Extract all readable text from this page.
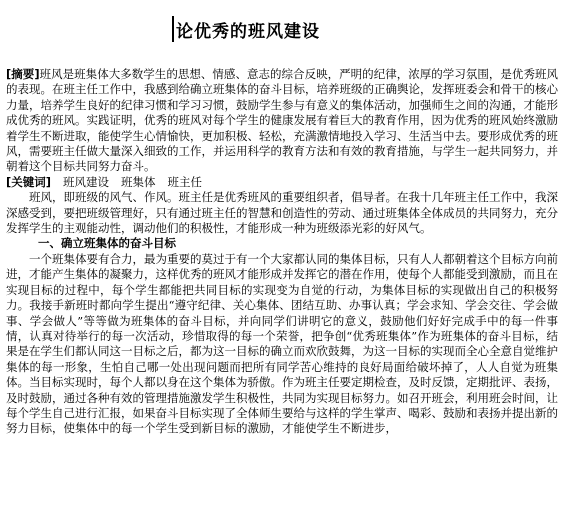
论优秀的班风建设

[摘要]班风是班集体大多数学生的思想、情感、意志的综合反映，严明的纪律，浓厚的学习氛围，是优秀班风的表现。在班主任工作中，我感到给确立班集体的奋斗目标，培养班级的正确舆论，发挥班委会和骨干的核心力量，培养学生良好的纪律习惯和学习习惯，鼓励学生参与有意义的集体活动，加强师生之间的沟通，才能形成优秀的班风。实践证明，优秀的班风对每个学生的健康发展有着巨大的教育作用，因为优秀的班风始终激励着学生不断进取，能使学生心情愉快，更加积极、轻松，充满激情地投入学习、生活当中去。要形成优秀的班风，需要班主任做大量深入细致的工作，并运用科学的教育方法和有效的教育措施，与学生一起共同努力，并朝着这个目标共同努力奋斗。

[关键词] 班风建设 班集体 班主任

班风，即班级的风气、作风。班主任是优秀班风的重要组织者，倡导者。在我十几年班主任工作中，我深深感受到，要把班级管理好，只有通过班主任的智慧和创造性的劳动、通过班集体全体成员的共同努力，充分发挥学生的主观能动性，调动他们的积极性，才能形成一种为班级添光彩的好风气。

一、确立班集体的奋斗目标

一个班集体要有合力，最为重要的莫过于有一个大家都认同的集体目标，只有人人都朝着这个目标方向前进，才能产生集体的凝聚力，这样优秀的班风才能形成并发挥它的潜在作用，使每个人都能受到激励，而且在实现目标的过程中，每个学生都能把共同目标的实现变为自觉的行动，为集体目标的实现做出自己的积极努力。我接手新班时都向学生提出“遵守纪律、关心集体、团结互助、办事认真；学会求知、学会交往、学会做事、学会做人”等等做为班集体的奋斗目标，并向同学们讲明它的意义，鼓励他们好好完成手中的每一件事情，认真对待举行的每一次活动，珍惜取得的每一个荣誉，把争创“优秀班集体”作为班集体的奋斗目标，结果是在学生们都认同这一目标之后，都为这一目标的确立而欢欣鼓舞，为这一目标的实现而全心全意自觉维护集体的每一形象，生怕自己哪一处出现问题而把所有同学苦心维持的良好局面给破坏掉了，人人自觉为班集体。当目标实现时，每个人都以身在这个集体为骄傲。作为班主任要定期检查，及时反馈，定期批评、表扬，及时鼓励，通过各种有效的管理措施激发学生积极性，共同为实现目标努力。如召开班会，利用班会时间，让每个学生自己进行汇报，如果奋斗目标实现了全体师生要给与这样的学生掌声、喝彩、鼓励和表扬并提出新的努力目标，使集体中的每一个学生受到新目标的激励，才能使学生不断进步，
